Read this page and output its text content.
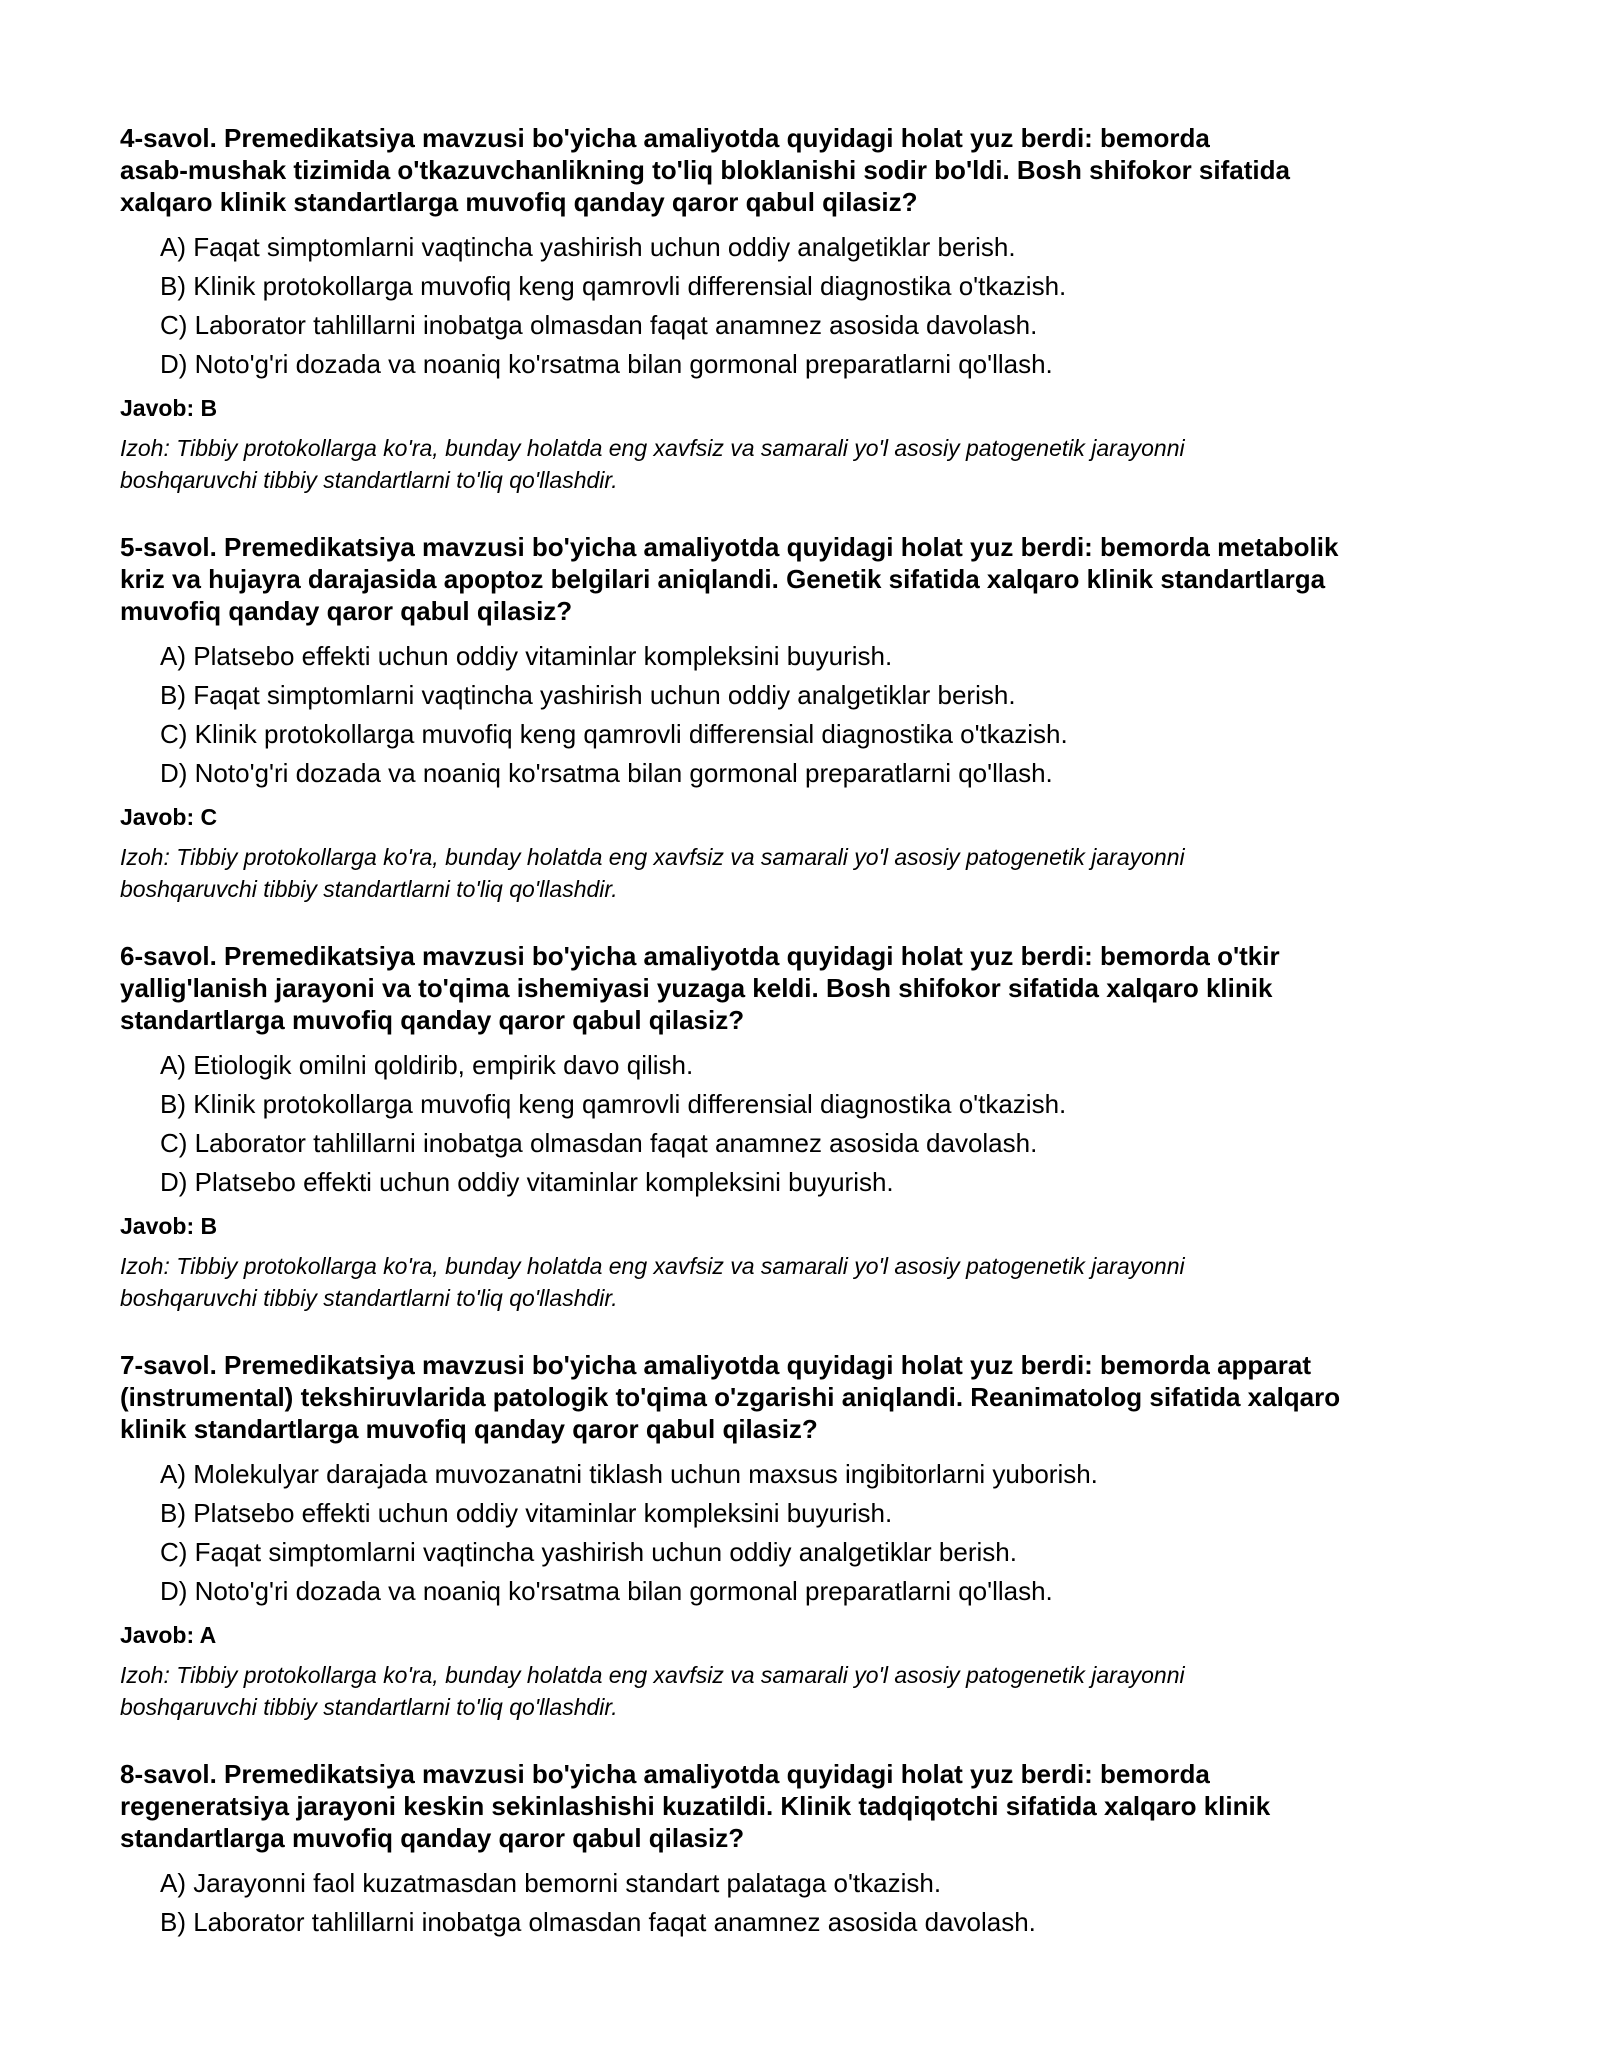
4-savol. Premedikatsiya mavzusi bo'yicha amaliyotda quyidagi holat yuz berdi: bemorda
asab-mushak tizimida o'tkazuvchanlikning to'liq bloklanishi sodir bo'ldi. Bosh shifokor sifatida
xalqaro klinik standartlarga muvofiq qanday qaror qabul qilasiz?

A) Faqat simptomlarni vaqtincha yashirish uchun oddiy analgetiklar berish.
B) Klinik protokollarga muvofiq keng qamrovli differensial diagnostika o'tkazish.
C) Laborator tahlillarni inobatga olmasdan faqat anamnez asosida davolash.
D) Noto'g'ri dozada va noaniq ko'rsatma bilan gormonal preparatlarni qo'llash.
Javob: B
Izoh: Tibbiy protokollarga ko'ra, bunday holatda eng xavfsiz va samarali yo'l asosiy patogenetik jarayonni
boshqaruvchi tibbiy standartlarni to'liq qo'llashdir.

5-savol. Premedikatsiya mavzusi bo'yicha amaliyotda quyidagi holat yuz berdi: bemorda metabolik
kriz va hujayra darajasida apoptoz belgilari aniqlandi. Genetik sifatida xalqaro klinik standartlarga
muvofiq qanday qaror qabul qilasiz?

A) Platsebo effekti uchun oddiy vitaminlar kompleksini buyurish.
B) Faqat simptomlarni vaqtincha yashirish uchun oddiy analgetiklar berish.
C) Klinik protokollarga muvofiq keng qamrovli differensial diagnostika o'tkazish.
D) Noto'g'ri dozada va noaniq ko'rsatma bilan gormonal preparatlarni qo'llash.
Javob: C
Izoh: Tibbiy protokollarga ko'ra, bunday holatda eng xavfsiz va samarali yo'l asosiy patogenetik jarayonni
boshqaruvchi tibbiy standartlarni to'liq qo'llashdir.

6-savol. Premedikatsiya mavzusi bo'yicha amaliyotda quyidagi holat yuz berdi: bemorda o'tkir
yallig'lanish jarayoni va to'qima ishemiyasi yuzaga keldi. Bosh shifokor sifatida xalqaro klinik
standartlarga muvofiq qanday qaror qabul qilasiz?

A) Etiologik omilni qoldirib, empirik davo qilish.
B) Klinik protokollarga muvofiq keng qamrovli differensial diagnostika o'tkazish.
C) Laborator tahlillarni inobatga olmasdan faqat anamnez asosida davolash.
D) Platsebo effekti uchun oddiy vitaminlar kompleksini buyurish.
Javob: B
Izoh: Tibbiy protokollarga ko'ra, bunday holatda eng xavfsiz va samarali yo'l asosiy patogenetik jarayonni
boshqaruvchi tibbiy standartlarni to'liq qo'llashdir.

7-savol. Premedikatsiya mavzusi bo'yicha amaliyotda quyidagi holat yuz berdi: bemorda apparat
(instrumental) tekshiruvlarida patologik to'qima o'zgarishi aniqlandi. Reanimatolog sifatida xalqaro
klinik standartlarga muvofiq qanday qaror qabul qilasiz?

A) Molekulyar darajada muvozanatni tiklash uchun maxsus ingibitorlarni yuborish.
B) Platsebo effekti uchun oddiy vitaminlar kompleksini buyurish.
C) Faqat simptomlarni vaqtincha yashirish uchun oddiy analgetiklar berish.
D) Noto'g'ri dozada va noaniq ko'rsatma bilan gormonal preparatlarni qo'llash.
Javob: A
Izoh: Tibbiy protokollarga ko'ra, bunday holatda eng xavfsiz va samarali yo'l asosiy patogenetik jarayonni
boshqaruvchi tibbiy standartlarni to'liq qo'llashdir.

8-savol. Premedikatsiya mavzusi bo'yicha amaliyotda quyidagi holat yuz berdi: bemorda
regeneratsiya jarayoni keskin sekinlashishi kuzatildi. Klinik tadqiqotchi sifatida xalqaro klinik
standartlarga muvofiq qanday qaror qabul qilasiz?

A) Jarayonni faol kuzatmasdan bemorni standart palataga o'tkazish.
B) Laborator tahlillarni inobatga olmasdan faqat anamnez asosida davolash.
